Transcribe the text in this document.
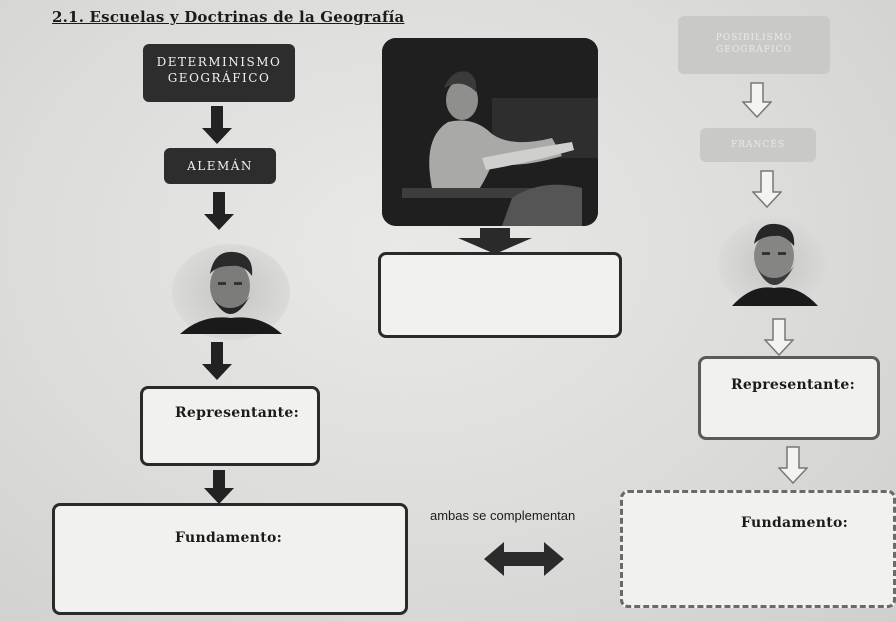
2.1. Escuelas y Doctrinas de la Geografía
DETERMINISMO
GEOGRÁFICO
ALEMÁN
Representante:
Fundamento:
ambas se complementan
POSIBILISMO
GEOGRÁFICO
FRANCÉS
Representante:
Fundamento:
